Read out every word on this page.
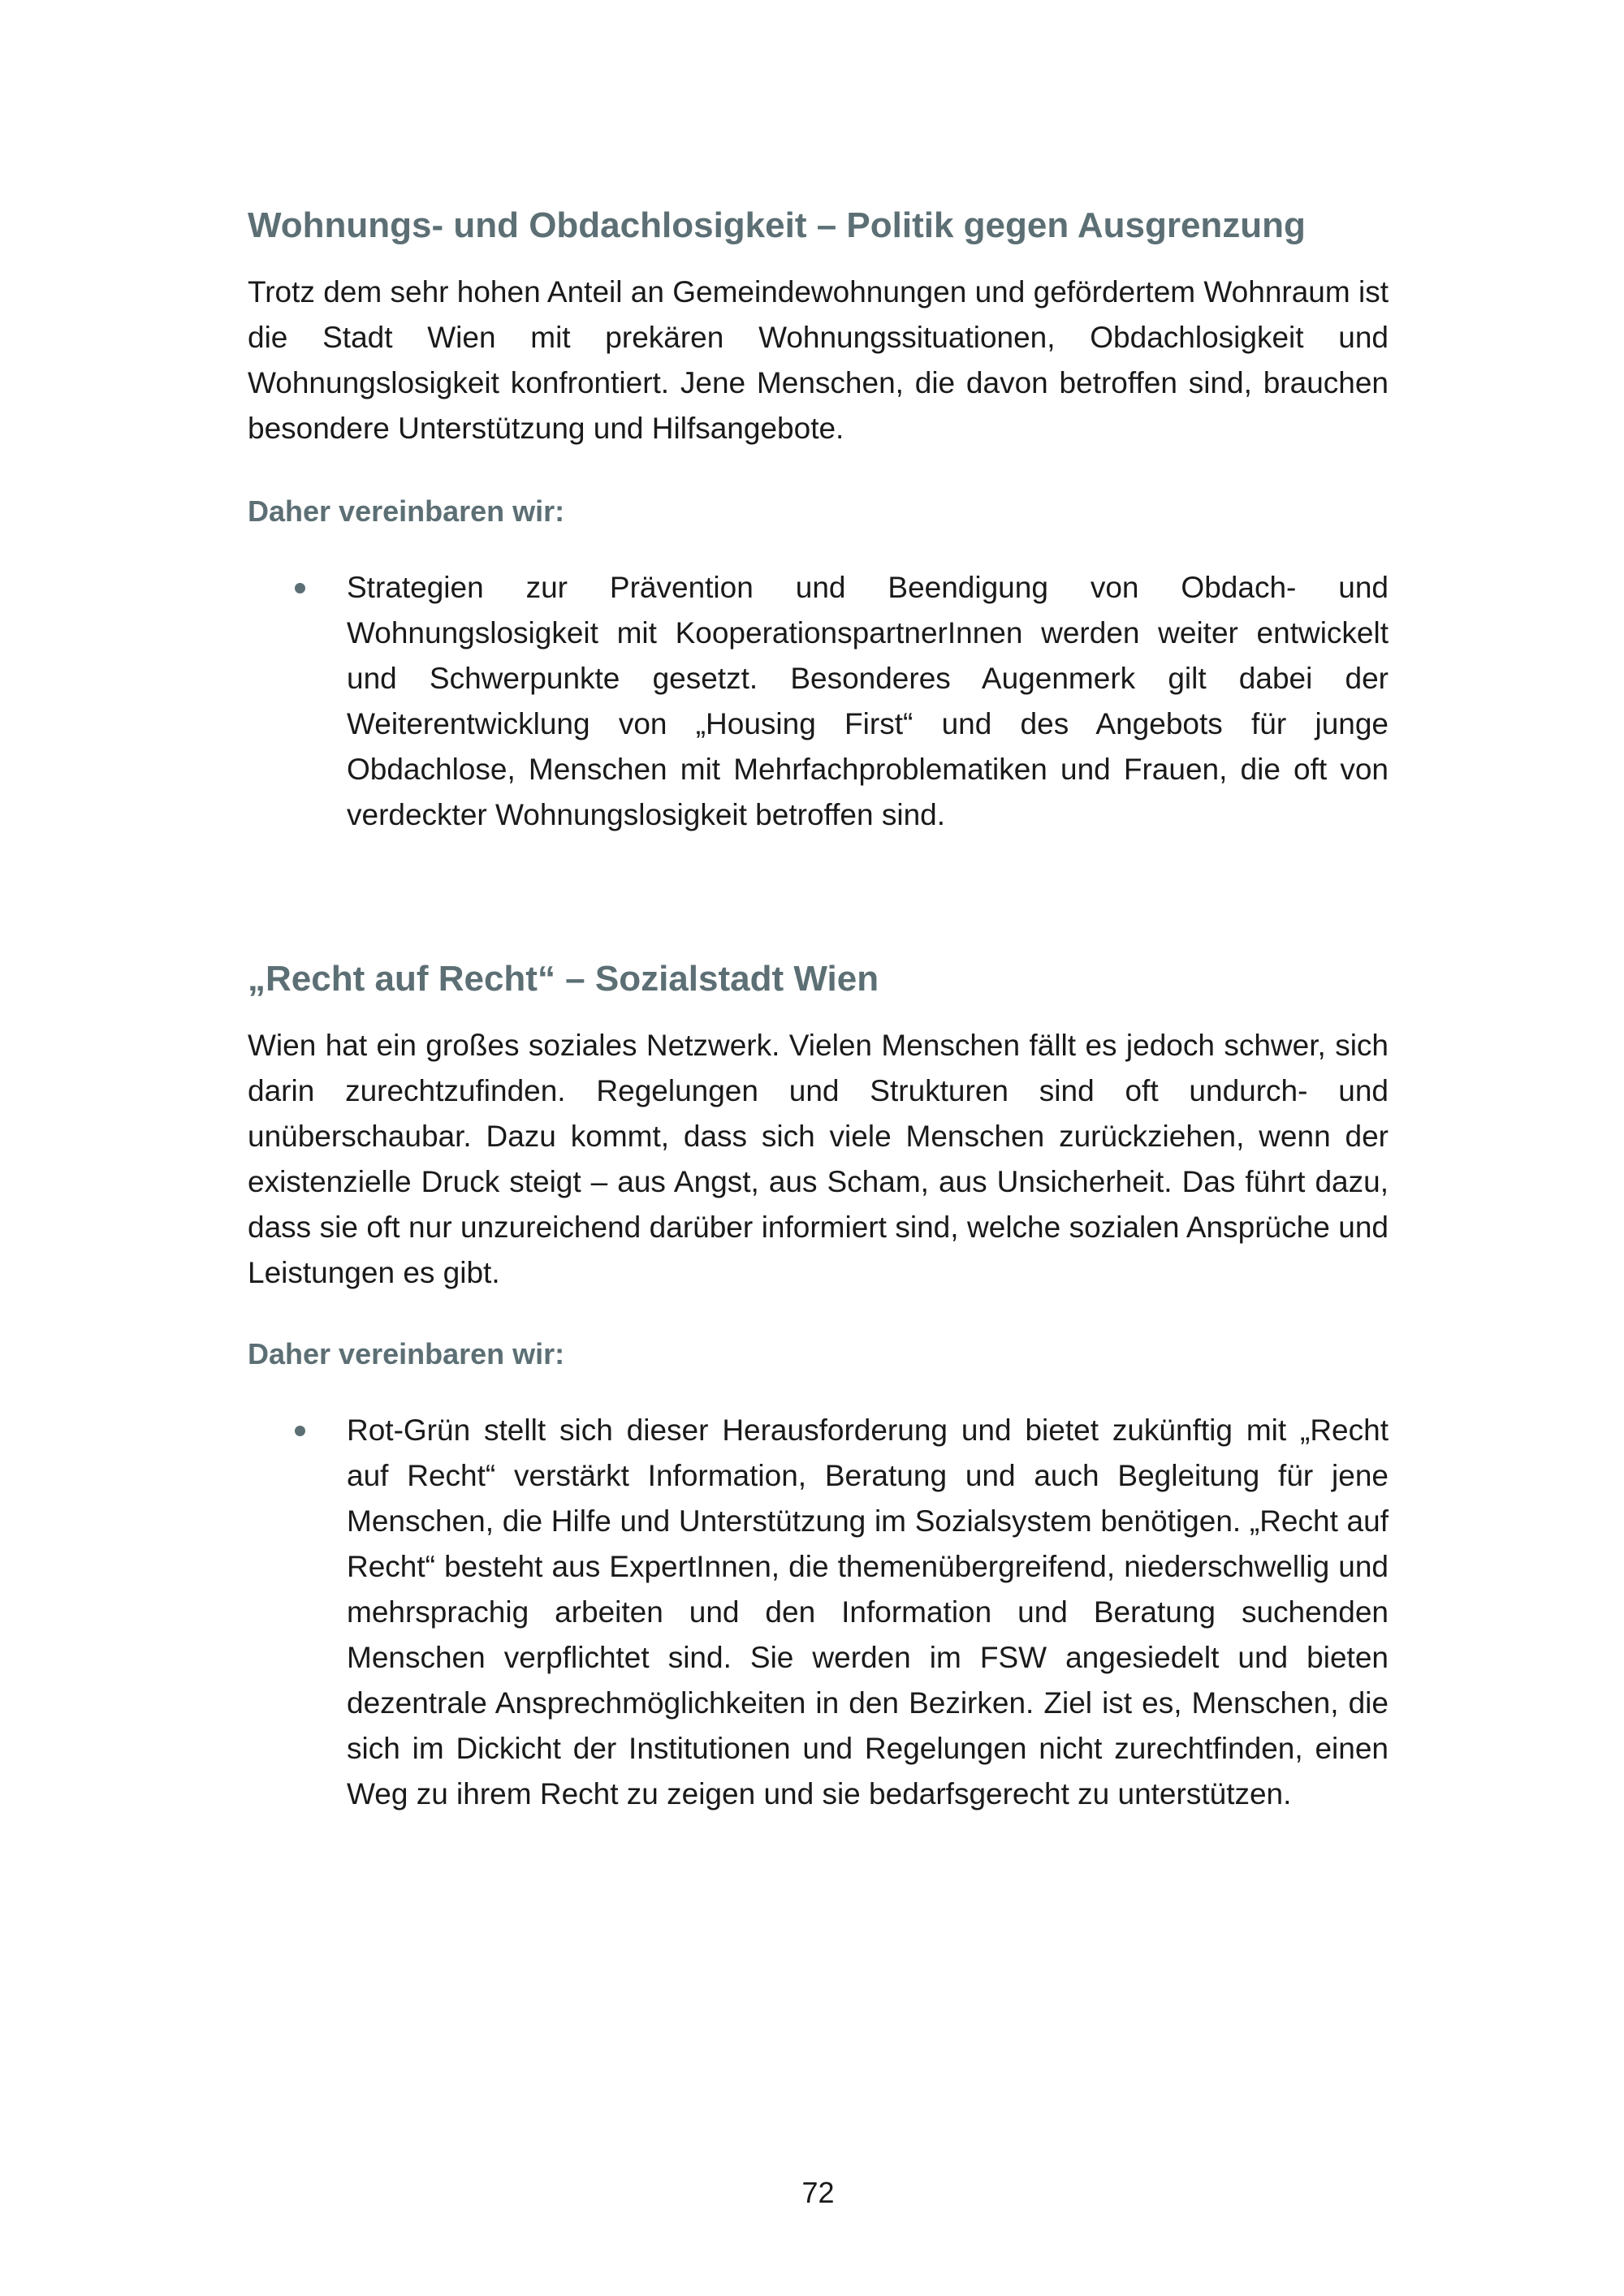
Wohnungs- und Obdachlosigkeit – Politik gegen Ausgrenzung

Trotz dem sehr hohen Anteil an Gemeindewohnungen und gefördertem Wohnraum ist die Stadt Wien mit prekären Wohnungssituationen, Obdachlosigkeit und Wohnungslosigkeit konfrontiert. Jene Menschen, die davon betroffen sind, brauchen besondere Unterstützung und Hilfsangebote.

Daher vereinbaren wir:
Strategien zur Prävention und Beendigung von Obdach- und Wohnungslosigkeit mit KooperationspartnerInnen werden weiter entwickelt und Schwerpunkte gesetzt. Besonderes Augenmerk gilt dabei der Weiterentwicklung von „Housing First“ und des Angebots für junge Obdachlose, Menschen mit Mehrfachproblematiken und Frauen, die oft von verdeckter Wohnungslosigkeit betroffen sind.
„Recht auf Recht“ – Sozialstadt Wien

Wien hat ein großes soziales Netzwerk. Vielen Menschen fällt es jedoch schwer, sich darin zurechtzufinden. Regelungen und Strukturen sind oft undurch- und unüberschaubar. Dazu kommt, dass sich viele Menschen zurückziehen, wenn der existenzielle Druck steigt – aus Angst, aus Scham, aus Unsicherheit. Das führt dazu, dass sie oft nur unzureichend darüber informiert sind, welche sozialen Ansprüche und Leistungen es gibt.

Daher vereinbaren wir:
Rot-Grün stellt sich dieser Herausforderung und bietet zukünftig mit „Recht auf Recht“ verstärkt Information, Beratung und auch Begleitung für jene Menschen, die Hilfe und Unterstützung im Sozialsystem benötigen. „Recht auf Recht“ besteht aus ExpertInnen, die themenübergreifend, niederschwellig und mehrsprachig arbeiten und den Information und Beratung suchenden Menschen verpflichtet sind. Sie werden im FSW angesiedelt und bieten dezentrale Ansprechmöglichkeiten in den Bezirken. Ziel ist es, Menschen, die sich im Dickicht der Institutionen und Regelungen nicht zurechtfinden, einen Weg zu ihrem Recht zu zeigen und sie bedarfsgerecht zu unterstützen.
72
